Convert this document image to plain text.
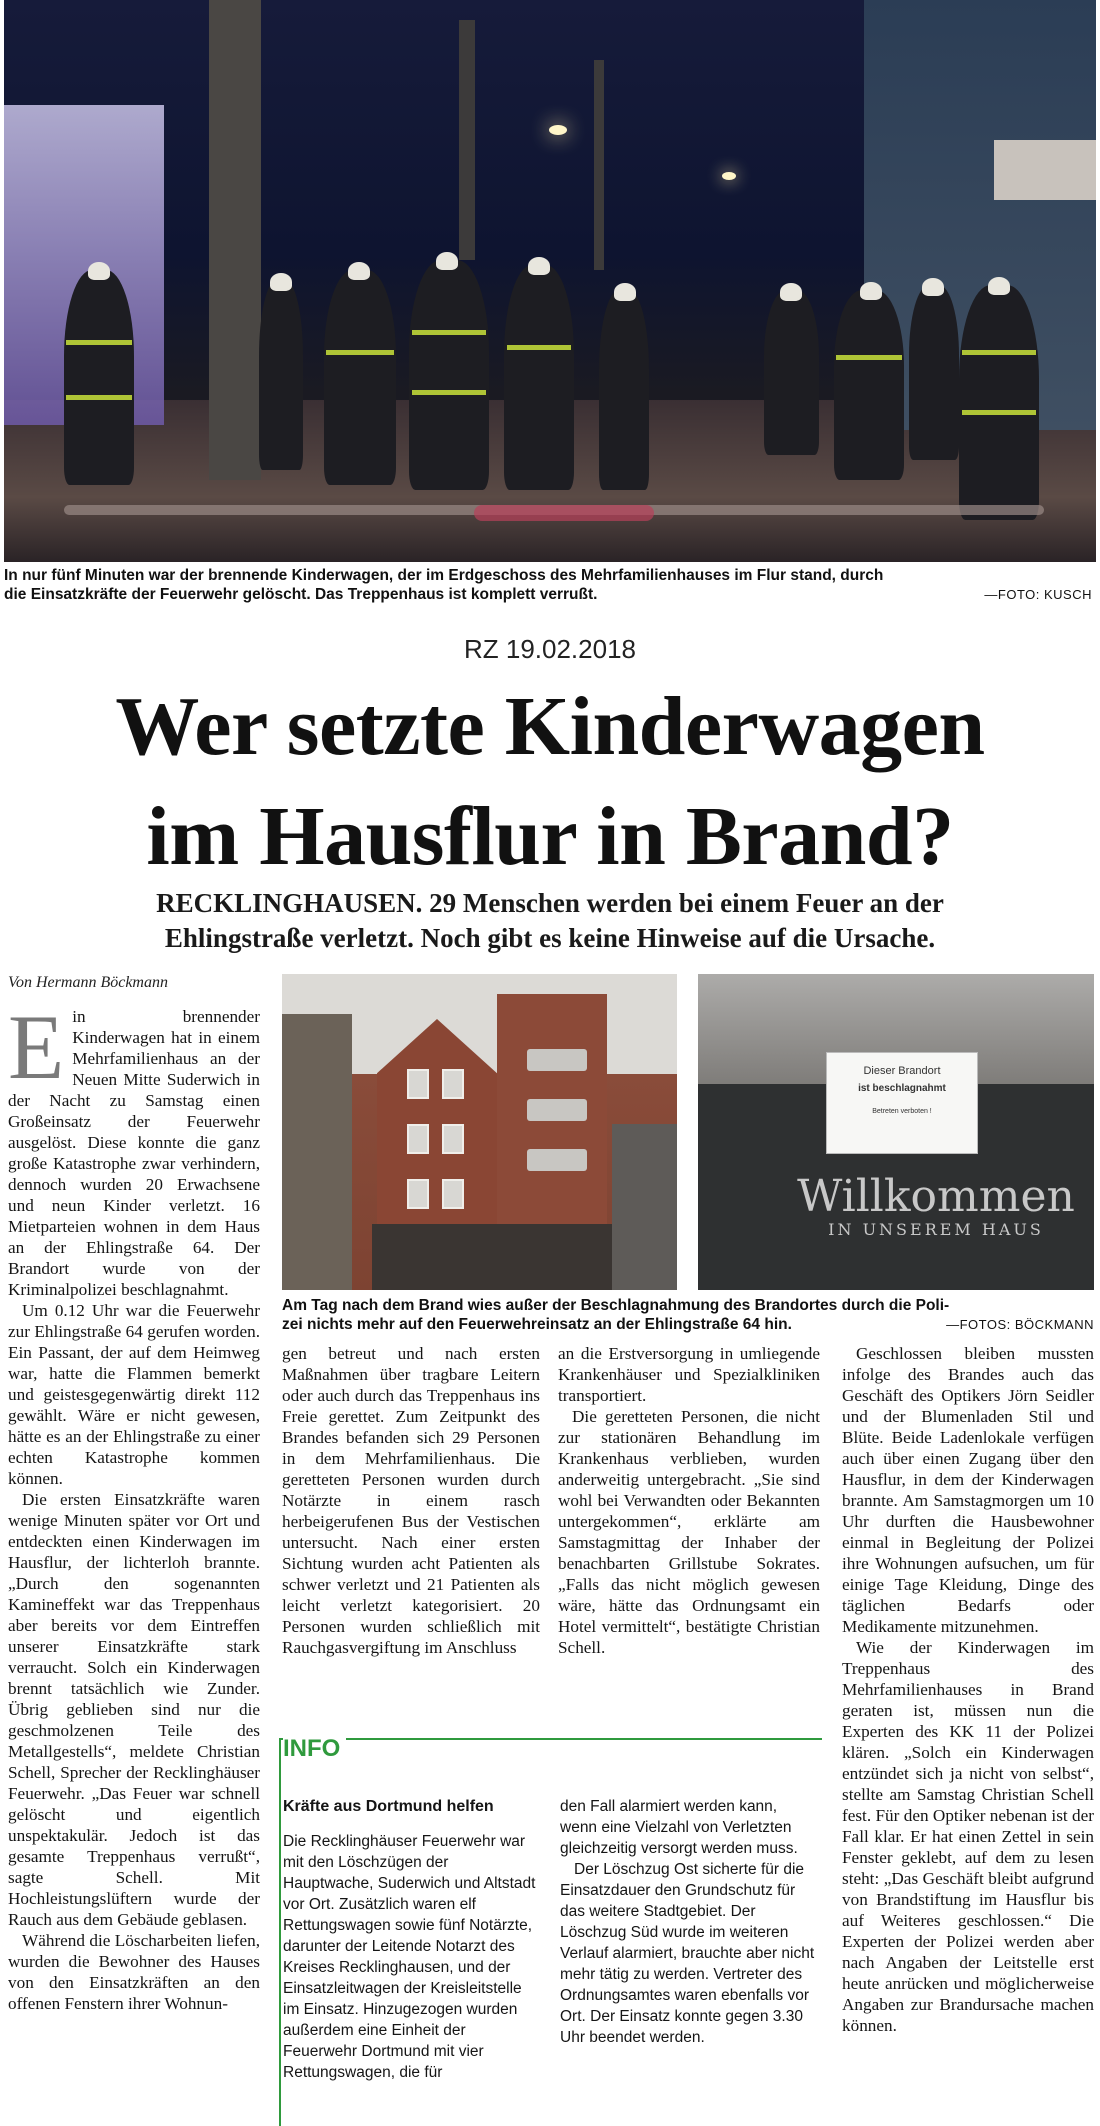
In nur fünf Minuten war der brennende Kinderwagen, der im Erdgeschoss des Mehrfamilienhauses im Flur stand, durch
die Einsatzkräfte der Feuerwehr gelöscht. Das Treppenhaus ist komplett verrußt.	—FOTO: KUSCH
RZ 19.02.2018
Wer setzte Kinderwagen
im Hausflur in Brand?
RECKLINGHAUSEN. 29 Menschen werden bei einem Feuer an der
Ehlingstraße verletzt. Noch gibt es keine Hinweise auf die Ursache.
Von Hermann Böckmann
Dieser Brandort
ist beschlagnahmt
Betreten verboten !
Willkommen
IN UNSEREM HAUS
Am Tag nach dem Brand wies außer der Beschlagnahmung des Brandortes durch die Poli-
zei nichts mehr auf den Feuerwehreinsatz an der Ehlingstraße 64 hin.	—FOTOS: BÖCKMANN

Ein brennender Kinderwagen hat in einem Mehrfamilienhaus an der Neuen Mitte Suderwich in der Nacht zu Samstag einen Großeinsatz der Feuerwehr ausgelöst. Diese konnte die ganz große Katastrophe zwar verhindern, dennoch wurden 20 Erwachsene und neun Kinder verletzt. 16 Mietparteien wohnen in dem Haus an der Ehlingstraße 64. Der Brandort wurde von der Kriminalpolizei beschlagnahmt.

Um 0.12 Uhr war die Feuerwehr zur Ehlingstraße 64 gerufen worden. Ein Passant, der auf dem Heimweg war, hatte die Flammen bemerkt und geistesgegenwärtig direkt 112 gewählt. Wäre er nicht gewesen, hätte es an der Ehlingstraße zu einer echten Katastrophe kommen können.

Die ersten Einsatzkräfte waren wenige Minuten später vor Ort und entdeckten einen Kinderwagen im Hausflur, der lichterloh brannte. „Durch den sogenannten Kamineffekt war das Treppenhaus aber bereits vor dem Eintreffen unserer Einsatzkräfte stark verraucht. Solch ein Kinderwagen brennt tatsächlich wie Zunder. Übrig geblieben sind nur die geschmolzenen Teile des Metallgestells“, meldete Christian Schell, Sprecher der Recklinghäuser Feuerwehr. „Das Feuer war schnell gelöscht und eigentlich unspektakulär. Jedoch ist das gesamte Treppenhaus verrußt“, sagte Schell. Mit Hochleistungslüftern wurde der Rauch aus dem Gebäude geblasen.

Während die Löscharbeiten liefen, wurden die Bewohner des Hauses von den Einsatzkräften an den offenen Fenstern ihrer Wohnun-

gen betreut und nach ersten Maßnahmen über tragbare Leitern oder auch durch das Treppenhaus ins Freie gerettet. Zum Zeitpunkt des Brandes befanden sich 29 Personen in dem Mehrfamilienhaus. Die geretteten Personen wurden durch Notärzte in einem rasch herbeigerufenen Bus der Vestischen untersucht. Nach einer ersten Sichtung wurden acht Patienten als schwer verletzt und 21 Patienten als leicht verletzt kategorisiert. 20 Personen wurden schließlich mit Rauchgasvergiftung im Anschluss

an die Erstversorgung in umliegende Krankenhäuser und Spezialkliniken transportiert.

Die geretteten Personen, die nicht zur stationären Behandlung im Krankenhaus verblieben, wurden anderweitig untergebracht. „Sie sind wohl bei Verwandten oder Bekannten untergekommen“, erklärte am Samstagmittag der Inhaber der benachbarten Grillstube Sokrates. „Falls das nicht möglich gewesen wäre, hätte das Ordnungsamt ein Hotel vermittelt“, bestätigte Christian Schell.

Geschlossen bleiben mussten infolge des Brandes auch das Geschäft des Optikers Jörn Seidler und der Blumenladen Stil und Blüte. Beide Ladenlokale verfügen auch über einen Zugang über den Hausflur, in dem der Kinderwagen brannte. Am Samstagmorgen um 10 Uhr durften die Hausbewohner einmal in Begleitung der Polizei ihre Wohnungen aufsuchen, um für einige Tage Kleidung, Dinge des täglichen Bedarfs oder Medikamente mitzunehmen.

Wie der Kinderwagen im Treppenhaus des Mehrfamilienhauses in Brand geraten ist, müssen nun die Experten des KK 11 der Polizei klären. „Solch ein Kinderwagen entzündet sich ja nicht von selbst“, stellte am Samstag Christian Schell fest. Für den Optiker nebenan ist der Fall klar. Er hat einen Zettel in sein Fenster geklebt, auf dem zu lesen steht: „Das Geschäft bleibt aufgrund von Brandstiftung im Hausflur bis auf Weiteres geschlossen.“ Die Experten der Polizei werden aber nach Angaben der Leitstelle erst heute anrücken und möglicherweise Angaben zur Brandursache machen können.

INFO

Kräfte aus Dortmund helfen

Die Recklinghäuser Feuerwehr war mit den Löschzügen der Hauptwache, Suderwich und Altstadt vor Ort. Zusätzlich waren elf Rettungswagen sowie fünf Notärzte, darunter der Leitende Notarzt des Kreises Recklinghausen, und der Einsatzleitwagen der Kreisleitstelle im Einsatz. Hinzugezogen wurden außerdem eine Einheit der Feuerwehr Dortmund mit vier Rettungswagen, die für

den Fall alarmiert werden kann, wenn eine Vielzahl von Verletzten gleichzeitig versorgt werden muss.

Der Löschzug Ost sicherte für die Einsatzdauer den Grundschutz für das weitere Stadtgebiet. Der Löschzug Süd wurde im weiteren Verlauf alarmiert, brauchte aber nicht mehr tätig zu werden. Vertreter des Ordnungsamtes waren ebenfalls vor Ort. Der Einsatz konnte gegen 3.30 Uhr beendet werden.
